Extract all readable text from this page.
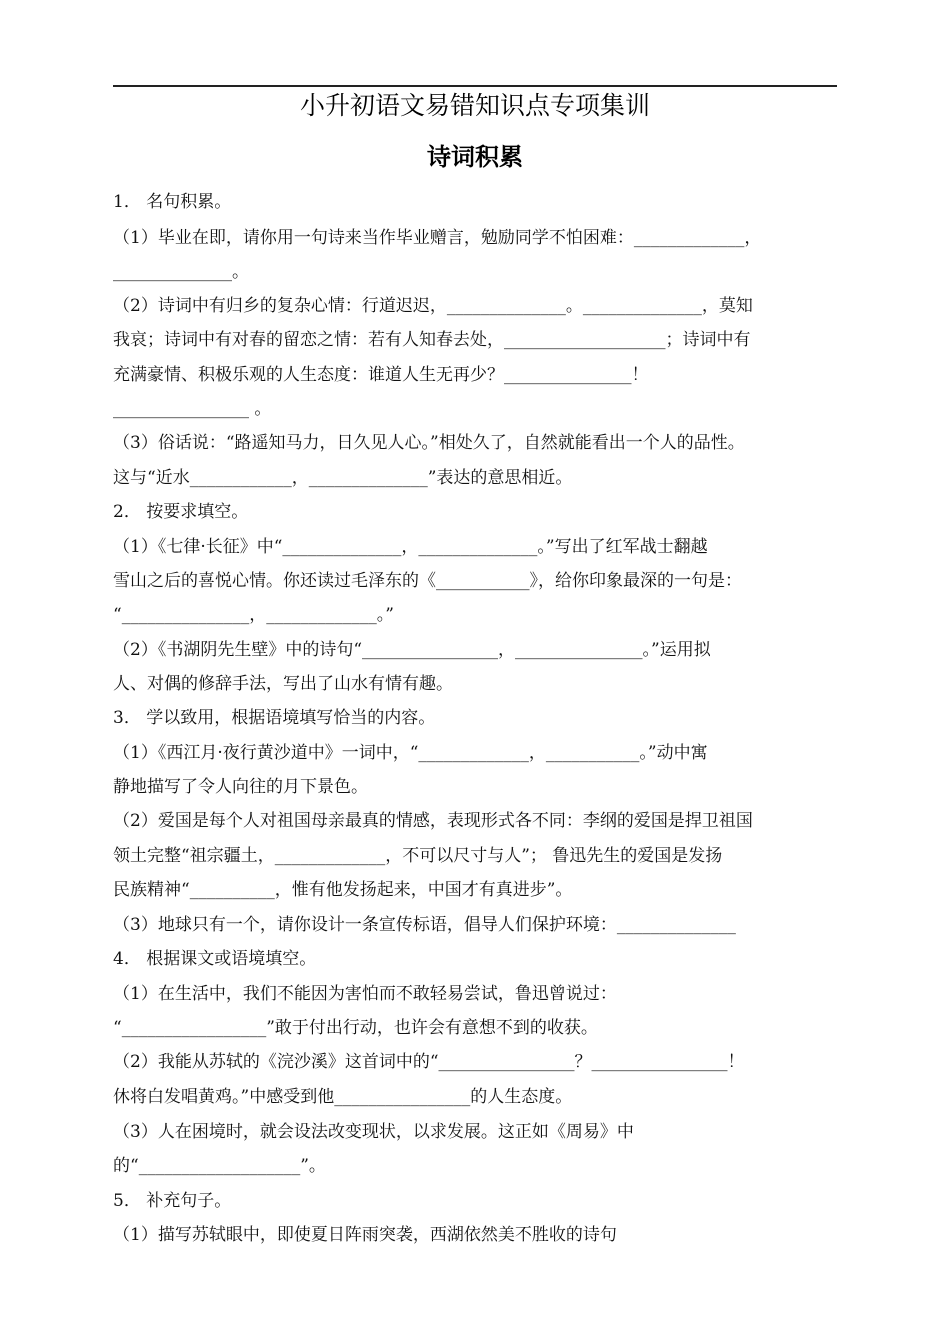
小升初语文易错知识点专项集训
诗词积累
1． 名句积累。
（1）毕业在即，请你用一句诗来当作毕业赠言，勉励同学不怕困难：_____________，
______________。
（2）诗词中有归乡的复杂心情：行道迟迟，______________。______________，莫知
我哀；诗词中有对春的留恋之情：若有人知春去处，___________________；诗词中有
充满豪情、积极乐观的人生态度：谁道人生无再少？_______________！
________________ 。
（3）俗话说：“路遥知马力，日久见人心。”相处久了，自然就能看出一个人的品性。
这与“近水____________，______________”表达的意思相近。
2． 按要求填空。
（1）《七律·长征》中“______________，______________。”写出了红军战士翻越
雪山之后的喜悦心情。你还读过毛泽东的《___________》，给你印象最深的一句是：
“_______________，_____________。”
（2）《书湖阴先生壁》中的诗句“________________，_______________。”运用拟
人、对偶的修辞手法，写出了山水有情有趣。
3． 学以致用，根据语境填写恰当的内容。
（1）《西江月·夜行黄沙道中》一词中，“_____________，___________。”动中寓
静地描写了令人向往的月下景色。
（2）爱国是每个人对祖国母亲最真的情感，表现形式各不同：李纲的爱国是捍卫祖国
领土完整“祖宗疆土，_____________，不可以尺寸与人”； 鲁迅先生的爱国是发扬
民族精神“__________，惟有他发扬起来，中国才有真进步”。
（3）地球只有一个，请你设计一条宣传标语，倡导人们保护环境：______________
4． 根据课文或语境填空。
（1）在生活中，我们不能因为害怕而不敢轻易尝试，鲁迅曾说过：
“_________________”敢于付出行动，也许会有意想不到的收获。
（2）我能从苏轼的《浣沙溪》这首词中的“________________？________________！
休将白发唱黄鸡。”中感受到他________________的人生态度。
（3）人在困境时，就会设法改变现状，以求发展。这正如《周易》中
的“___________________”。
5． 补充句子。
（1）描写苏轼眼中，即使夏日阵雨突袭，西湖依然美不胜收的诗句
